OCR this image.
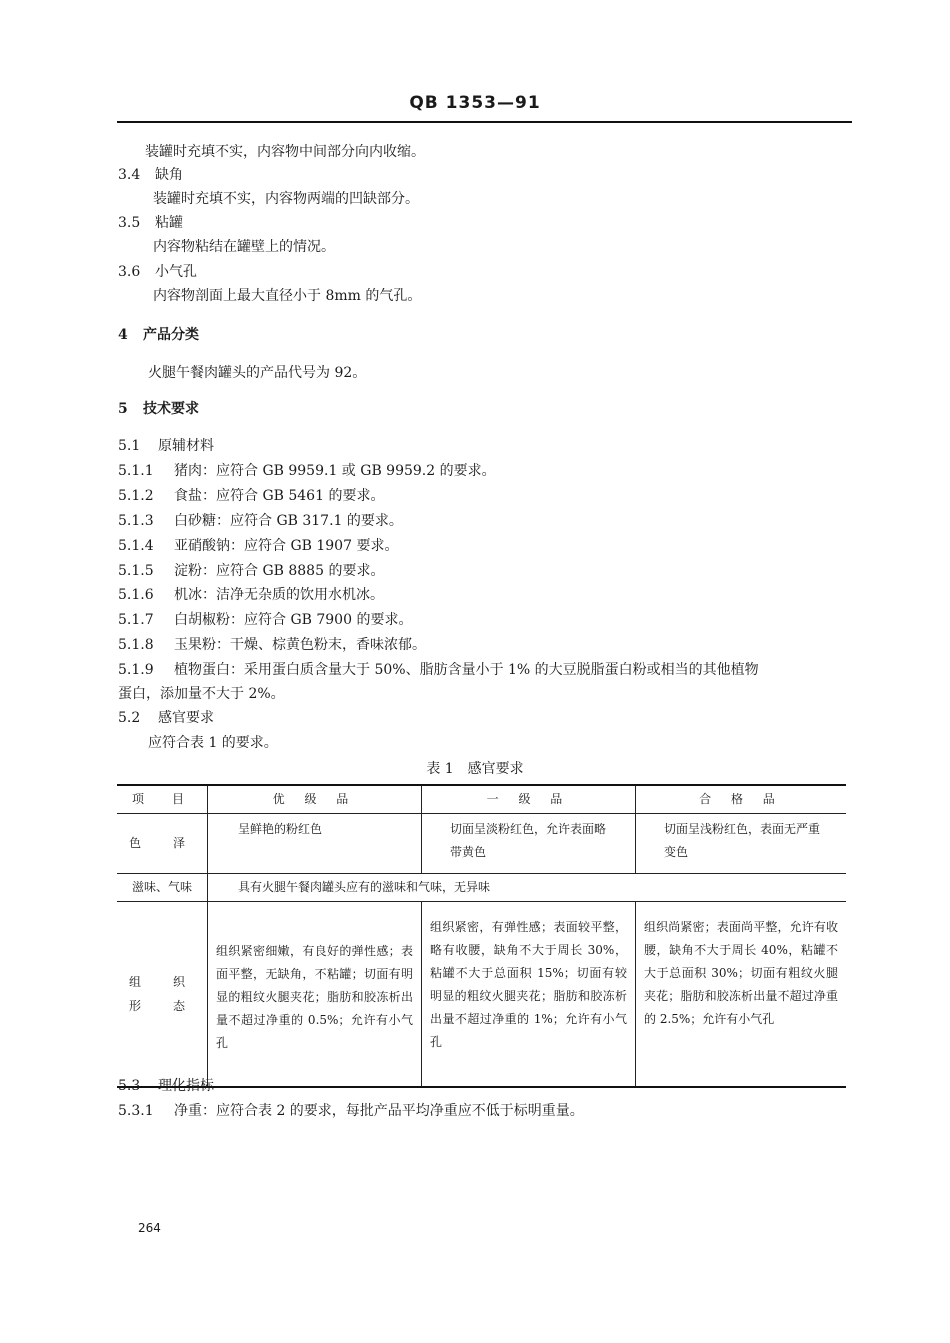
QB 1353—91
装罐时充填不实，内容物中间部分向内收缩。
3.4 缺角
装罐时充填不实，内容物两端的凹缺部分。
3.5 粘罐
内容物粘结在罐壁上的情况。
3.6 小气孔
内容物剖面上最大直径小于 8mm 的气孔。
4 产品分类
火腿午餐肉罐头的产品代号为 92。
5 技术要求
5.1 原辅材料
5.1.1 猪肉：应符合 GB 9959.1 或 GB 9959.2 的要求。
5.1.2 食盐：应符合 GB 5461 的要求。
5.1.3 白砂糖：应符合 GB 317.1 的要求。
5.1.4 亚硝酸钠：应符合 GB 1907 要求。
5.1.5 淀粉：应符合 GB 8885 的要求。
5.1.6 机冰：洁净无杂质的饮用水机冰。
5.1.7 白胡椒粉：应符合 GB 7900 的要求。
5.1.8 玉果粉：干燥、棕黄色粉末，香味浓郁。
5.1.9 植物蛋白：采用蛋白质含量大于 50%、脂肪含量小于 1% 的大豆脱脂蛋白粉或相当的其他植物
蛋白，添加量不大于 2%。
5.2 感官要求
应符合表 1 的要求。
表 1　感官要求
项　目	优 级 品	一 级 品	合 格 品
色　泽	呈鲜艳的粉红色	切面呈淡粉红色，允许表面略带黄色	切面呈浅粉红色，表面无严重变色
滋味、气味	具有火腿午餐肉罐头应有的滋味和气味，无异味		
组　织　形　态	组织紧密细嫩，有良好的弹性感；表面平整，无缺角，不粘罐；切面有明显的粗纹火腿夹花；脂肪和胶冻析出量不超过净重的 0.5%；允许有小气孔	组织紧密，有弹性感；表面较平整，略有收腰，缺角不大于周长 30%，粘罐不大于总面积 15%；切面有较明显的粗纹火腿夹花；脂肪和胶冻析出量不超过净重的 1%；允许有小气孔	组织尚紧密；表面尚平整，允许有收腰，缺角不大于周长 40%，粘罐不大于总面积 30%；切面有粗纹火腿夹花；脂肪和胶冻析出量不超过净重的 2.5%；允许有小气孔
5.3 理化指标
5.3.1 净重：应符合表 2 的要求，每批产品平均净重应不低于标明重量。
264
